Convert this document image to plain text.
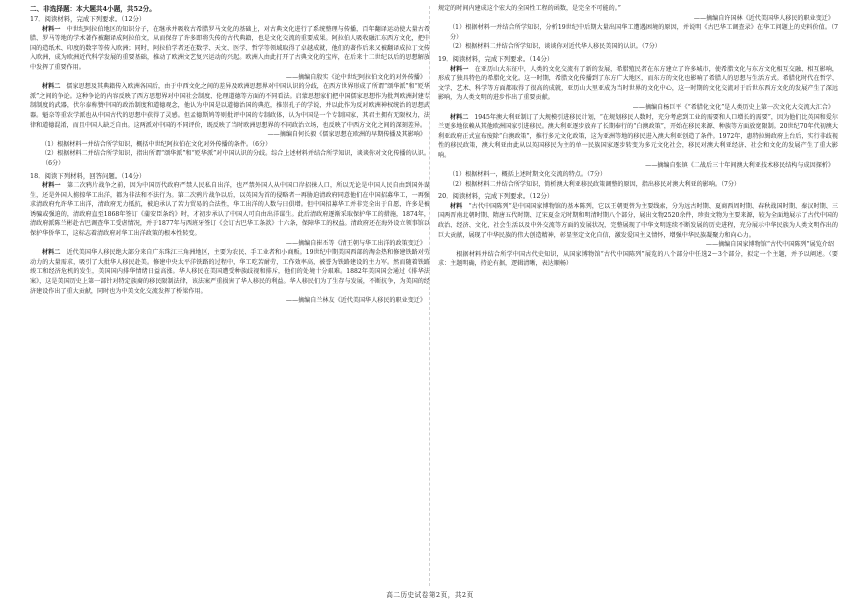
二、非选择题：本大题共4小题，共52分。

17．阅读材料，完成下列要求。（12分）

材料一　中世纪阿拉伯地区的知识分子，在继承并吸收古希腊罗马文化的基础上，对古典文化进行了系统整理与传播，百年翻译运动使大量古希腊、罗马等地的学术著作被翻译成阿拉伯文，从而保存了许多即将失传的古代典籍，也是文化交流的重要成果。阿拉伯人吸收融汇东西方文化，把中国的造纸术、印度的数字等传入欧洲；同时，阿拉伯学者还在数学、天文、医学、哲学等领域取得了卓越成就，他们的著作后来又被翻译成拉丁文传入欧洲，成为欧洲近代科学发展的重要基础，推动了欧洲文艺复兴运动的兴起。欧洲人由此打开了古典文化的宝库，在后来十二世纪以后的思想解放中发挥了重要作用。

——摘编自殷实《论中世纪阿拉伯文化的对外传播》

材料二　儒家思想及其典籍传入欧洲各国后，由于中西文化之间的差异及欧洲思想界对中国认识的分歧，在西方世界形成了所谓“颂华派”和“贬华派”之间的争论。这种争论的内容反映了西方思想界对中国社会制度、伦理道德等方面的不同看法。启蒙思想家们把中国儒家思想作为批判欧洲封建专制制度的武器，伏尔泰称赞中国的政治制度和道德观念，他认为中国是以道德治国的典范，推崇孔子的学说，并以此作为反对欧洲神权统治的思想武器。魁奈等重农学派也从中国古代的思想中获得了灵感。但孟德斯鸠等则批评中国的专制政体，认为中国是一个专制国家，其君主拥有无限权力，法律和道德混淆，而且中国人缺乏自由。这两派对中国的不同评价，既反映了当时欧洲思想界的不同政治立场，也反映了中西方文化之间的深刻差异。

——摘编自何长毅《儒家思想在欧洲的早期传播及其影响》

（1）根据材料一并结合所学知识，概括中世纪阿拉伯在文化对外传播的条件。（6分）

（2）根据材料二并结合所学知识，指出所谓“颂华派”和“贬华派”对中国认识的分歧。综合上述材料并结合所学知识，谈谈你对文化传播的认识。（6分）

18．阅读下列材料，回答问题。（14分）

材料一　第二次鸦片战争之前，因为中国历代政府严禁人民私自出洋，也严禁外国人从中国口岸招徕人口，所以无论是中国人民自由到国外谋生，还是外国人掳掠华工出洋，都为非法和不法行为。第二次鸦片战争以后，以英国为首的侵略者一再胁迫清政府同意他们在中国招募华工，一再强求清政府允许华工出洋，清政府无力抵抗，被迫承认了苦力贸易的合法性，华工出洋的人数与日俱增。但中国招募华工并非完全出于自愿，许多是被诱骗或强迫的，清政府直至1868年签订《蒲安臣条约》时，才初步承认了中国人可自由出洋谋生。此后清政府逐渐采取保护华工的措施，1874年，清政府派陈兰彬赴古巴调查华工受虐情况，并于1877年与西班牙签订《会订古巴华工条款》十六条，保障华工的权益。清政府还在海外设立领事馆以保护华侨华工，这标志着清政府对华工出洋政策的根本性转变。

——摘编自崔丕等《清王朝与华工出洋的政策变迁》

材料二　近代美国华人移民绝大部分来自广东珠江三角洲地区，主要为农民、手工业者和小商贩。19世纪中期美国西部的淘金热和修建铁路对劳动力的大量需求，吸引了大批华人移民赴美。修建中央太平洋铁路的过程中，华工吃苦耐劳，工作效率高，被誉为铁路建设的主力军。然而随着铁路竣工和经济危机的发生，美国国内排华情绪日益高涨。华人移民在美国遭受种族歧视和排斥，他们的处境十分艰难。1882年美国国会通过《排华法案》，这是美国历史上第一部针对特定族裔的移民限制法律，该法案严重损害了华人移民的利益。华人移民们为了生存与发展，不断抗争，为美国的经济建设作出了重大贡献，同时也为中美文化交流发挥了桥梁作用。

——摘编自兰林友《近代美国华人移民的职业变迁》

规定的时间内建成这个宏大的全国性工程的函数，是完全不可能的。”

——摘编自许国林《近代美国华人移民的职业变迁》

（1）根据材料一并结合所学知识，分析19世纪中后期大量出国华工遭遇困境的原因，并说明《古巴华工调查录》在华工问题上的史料价值。（7分）

（2）根据材料二并结合所学知识，谈谈你对近代华人移民美国的认识。（7分）

19．阅读材料，完成下列要求。（14分）

材料一　在亚历山大东征中，人类的文化交流有了新的发展，希腊殖民者在东方建立了许多城市，使希腊文化与东方文化相互交融、相互影响，形成了独具特色的希腊化文化。这一时期，希腊文化传播到了东方广大地区，而东方的文化也影响了希腊人的思想与生活方式。希腊化时代在哲学、文学、艺术、科学等方面都取得了很高的成就，亚历山大里亚成为当时世界的文化中心，这一时期的文化交流对于后世东西方文化的发展产生了深远影响，为人类文明的进步作出了重要贡献。

——摘编自杨巨平《“希腊化文化”是人类历史上第一次文化大交流大汇合》

材料二　1945年澳大利亚制订了大规模引进移民计划，“在规划移民人数时，充分考虑到工业的需要和人口增长的需要”，因为他们比英国和爱尔兰更多地依赖从其他欧洲国家引进移民。澳大利亚逐步放弃了长期奉行的“白澳政策”，开始在移民来源、种族等方面放宽限制。20世纪70年代初澳大利亚政府正式宣布废除“白澳政策”，推行多元文化政策，这为亚洲等地的移民进入澳大利亚创造了条件。1972年，惠特拉姆政府上台后，实行非歧视性的移民政策，澳大利亚由此从以英国移民为主的单一民族国家逐步转变为多元文化社会，移民对澳大利亚经济、社会和文化的发展产生了重大影响。

——摘编自张镇《二战后三十年间澳大利亚技术移民结构与成因探析》

（1）根据材料一，概括上述时期文化交流的特点。（7分）

（2）根据材料二并结合所学知识，简析澳大利亚移民政策调整的原因，指出移民对澳大利亚的影响。（7分）

20．阅读材料，完成下列要求。（12分）

材料　“古代中国陈列”是中国国家博物馆的基本陈列，它以王朝更替为主要线索，分为远古时期、夏商西周时期、春秋战国时期、秦汉时期、三国两晋南北朝时期、隋唐五代时期、辽宋夏金元时期和明清时期八个部分，展出文物2520余件，珍贵文物为主要来源，较为全面地展示了古代中国的政治、经济、文化、社会生活以及中外交流等方面的发展状况，完整展现了中华文明连续不断发展的历史进程，充分展示中华民族为人类文明作出的巨大贡献，展现了中华民族的伟大创造精神，彰显坚定文化自信，激发爱国主义情怀，增强中华民族凝聚力和向心力。

——摘编自国家博物馆“古代中国陈列”展览介绍

　根据材料并结合所学中国古代史知识，从国家博物馆“古代中国陈列”展览的八个部分中任选2～3个部分，拟定一个主题，并予以阐述。（要求：主题明确，持论有据，逻辑清晰，表达顺畅）

高二历史试卷第2页，共2页
